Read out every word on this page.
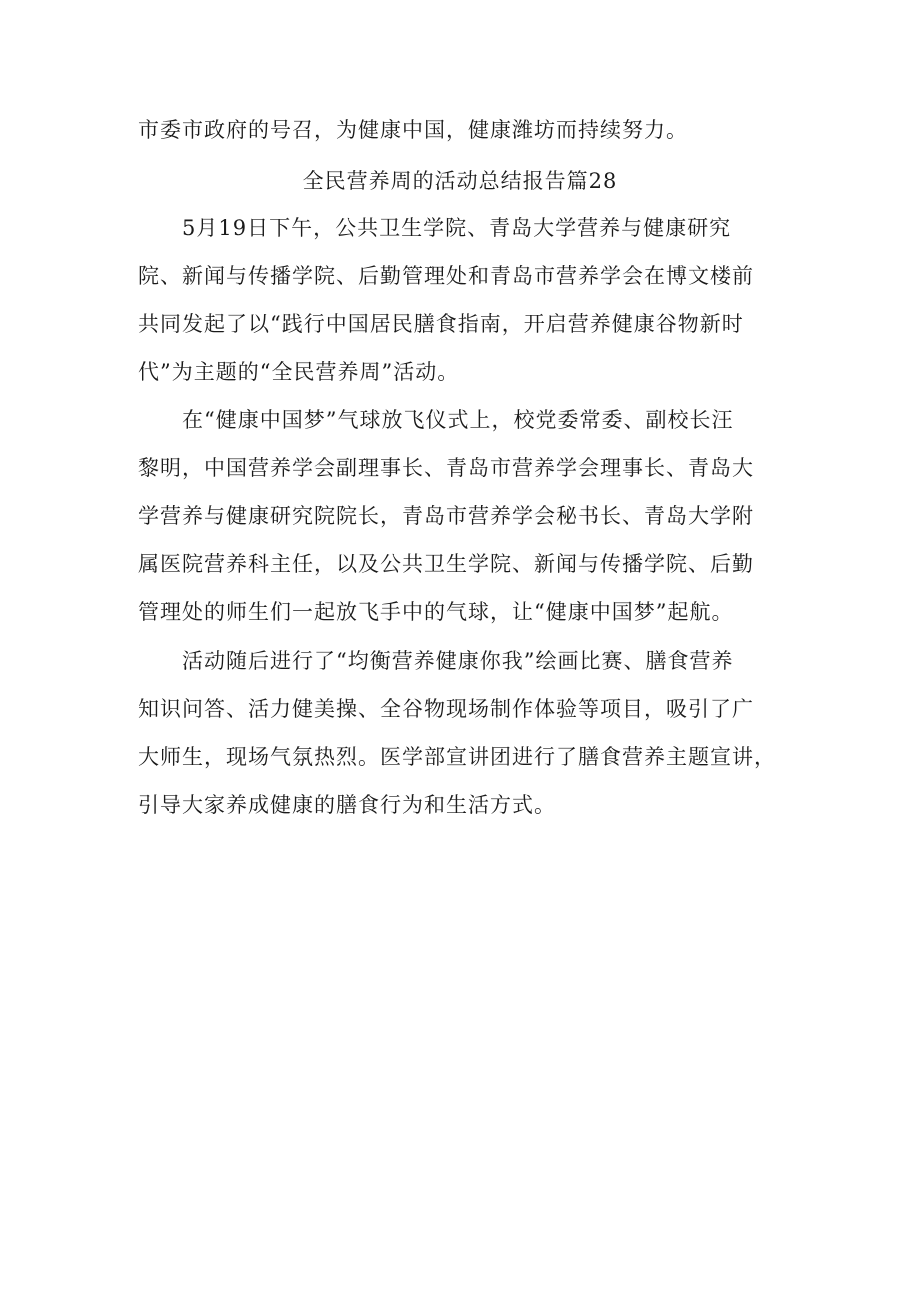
市委市政府的号召，为健康中国，健康潍坊而持续努力。
全民营养周的活动总结报告篇28
5月19日下午，公共卫生学院、青岛大学营养与健康研究
院、新闻与传播学院、后勤管理处和青岛市营养学会在博文楼前
共同发起了以“践行中国居民膳食指南，开启营养健康谷物新时
代”为主题的“全民营养周”活动。
在“健康中国梦”气球放飞仪式上，校党委常委、副校长汪
黎明，中国营养学会副理事长、青岛市营养学会理事长、青岛大
学营养与健康研究院院长，青岛市营养学会秘书长、青岛大学附
属医院营养科主任，以及公共卫生学院、新闻与传播学院、后勤
管理处的师生们一起放飞手中的气球，让“健康中国梦”起航。
活动随后进行了“均衡营养健康你我”绘画比赛、膳食营养
知识问答、活力健美操、全谷物现场制作体验等项目，吸引了广
大师生，现场气氛热烈。医学部宣讲团进行了膳食营养主题宣讲，
引导大家养成健康的膳食行为和生活方式。
